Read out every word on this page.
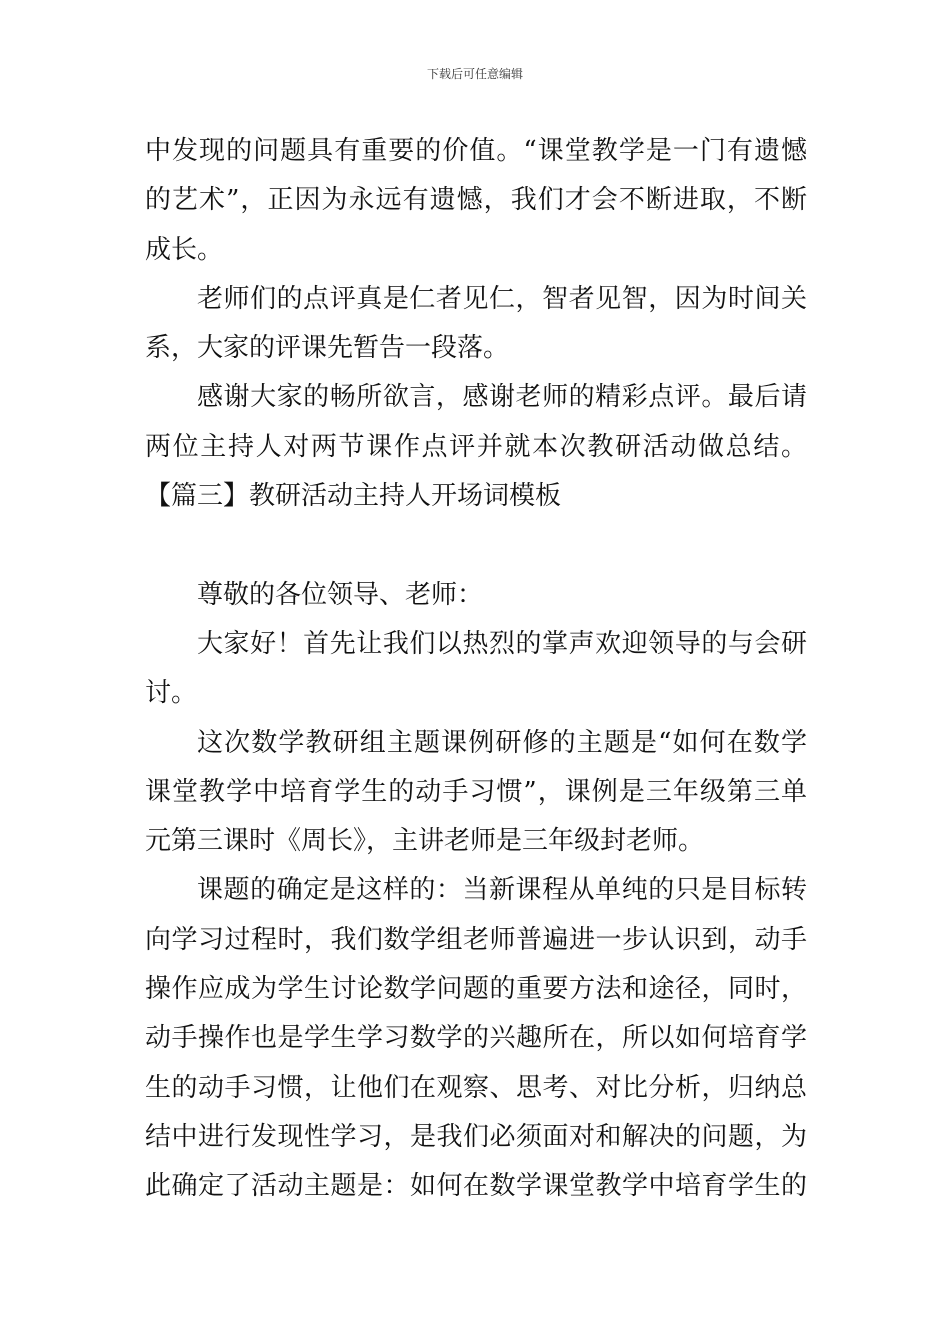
下载后可任意编辑
中发现的问题具有重要的价值。“课堂教学是一门有遗憾
的艺术”，正因为永远有遗憾，我们才会不断进取，不断
成长。
老师们的点评真是仁者见仁，智者见智，因为时间关
系，大家的评课先暂告一段落。
感谢大家的畅所欲言，感谢老师的精彩点评。最后请
两位主持人对两节课作点评并就本次教研活动做总结。
【篇三】教研活动主持人开场词模板
尊敬的各位领导、老师：
大家好！首先让我们以热烈的掌声欢迎领导的与会研
讨。
这次数学教研组主题课例研修的主题是“如何在数学
课堂教学中培育学生的动手习惯”，课例是三年级第三单
元第三课时《周长》，主讲老师是三年级封老师。
课题的确定是这样的：当新课程从单纯的只是目标转
向学习过程时，我们数学组老师普遍进一步认识到，动手
操作应成为学生讨论数学问题的重要方法和途径，同时，
动手操作也是学生学习数学的兴趣所在，所以如何培育学
生的动手习惯，让他们在观察、思考、对比分析，归纳总
结中进行发现性学习，是我们必须面对和解决的问题，为
此确定了活动主题是：如何在数学课堂教学中培育学生的
